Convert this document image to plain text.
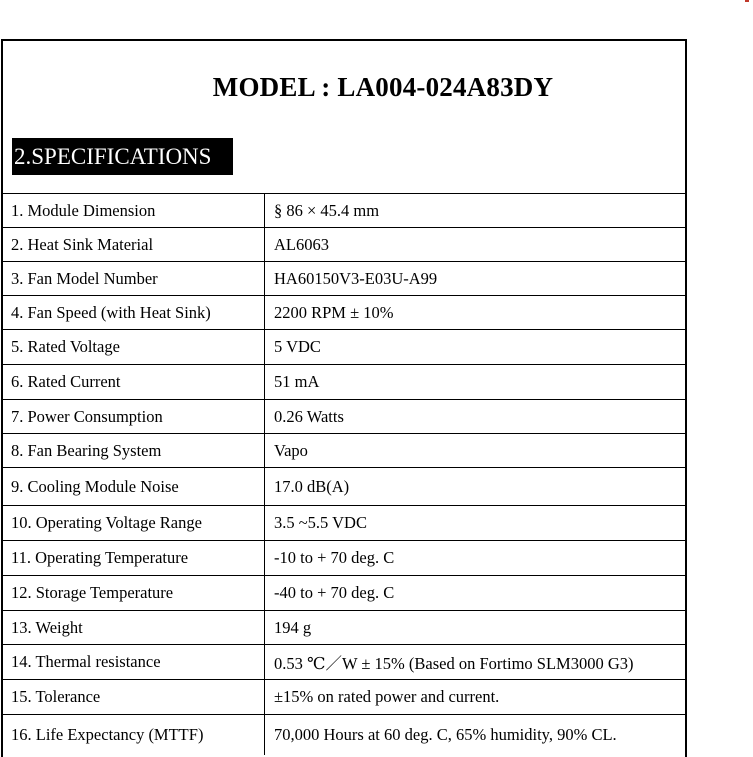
MODEL : LA004-024A83DY
2.SPECIFICATIONS
1. Module Dimension	§ 86 × 45.4 mm
2. Heat Sink Material	AL6063
3. Fan Model Number	HA60150V3-E03U-A99
4. Fan Speed (with Heat Sink)	2200 RPM ± 10%
5. Rated Voltage	5 VDC
6. Rated Current	51 mA
7. Power Consumption	0.26 Watts
8. Fan Bearing System	Vapo
9. Cooling Module Noise	17.0 dB(A)
10. Operating Voltage Range	3.5 ~5.5 VDC
11. Operating Temperature	-10 to + 70 deg. C
12. Storage Temperature	-40 to + 70 deg. C
13. Weight	194 g
14. Thermal resistance	0.53 ℃／W ± 15% (Based on Fortimo SLM3000 G3)
15. Tolerance	±15% on rated power and current.
16. Life Expectancy (MTTF)	70,000 Hours at 60 deg. C, 65% humidity, 90% CL.
